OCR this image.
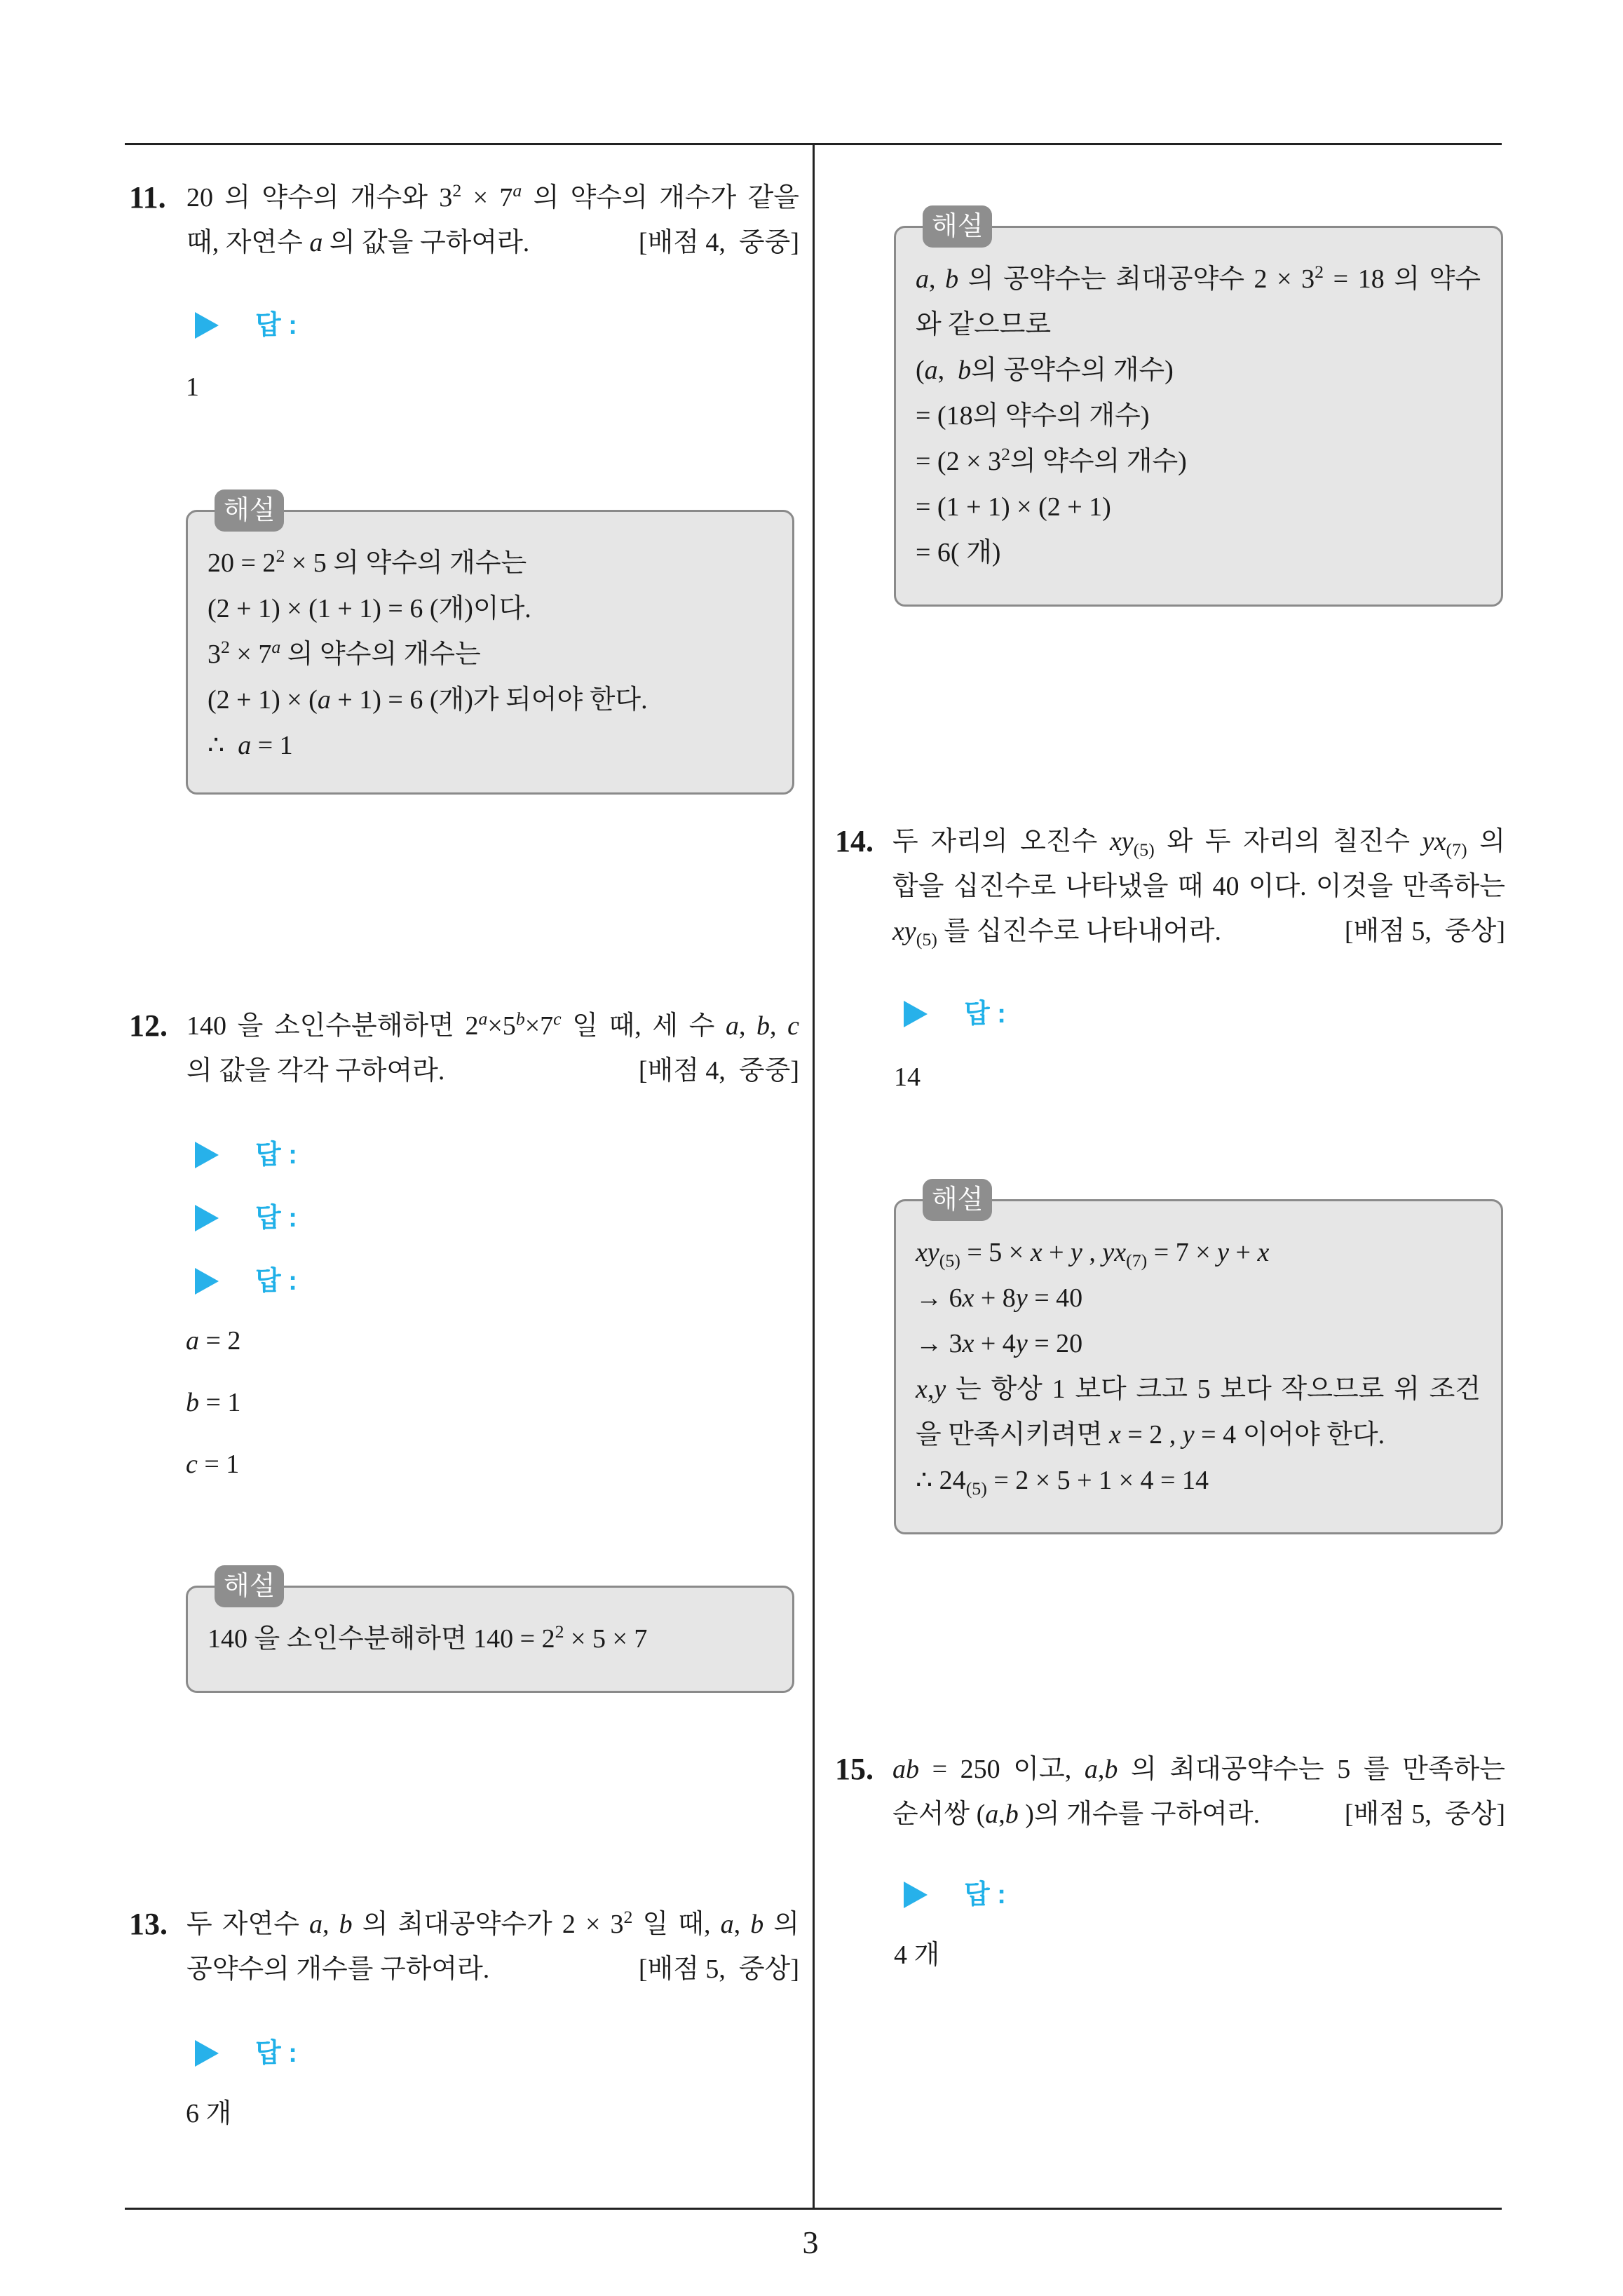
11. 20 의 약수의 개수와 $3^2 \times 7^a$ 의 약수의 개수가 같을
때, 자연수 a 의 값을 구하여라.	[배점 4,  중중]
답 :
1
해설
$20 = 2^2 \times 5$ 의 약수의 개수는
(2 + 1) × (1 + 1) = 6 (개)이다.
$3^2 \times 7^a$ 의 약수의 개수는
(2 + 1) × (a + 1) = 6 (개)가 되어야 한다.
∴  a = 1
12. 140 을 소인수분해하면 $2^a\times 5^b\times 7^c$ 일 때, 세 수 a, b, c
의 값을 각각 구하여라.	[배점 4,  중중]
답 :
답 :
답 :
a = 2
b = 1
c = 1
해설
140 을 소인수분해하면 $140 = 2^2 \times 5 \times 7$
13. 두 자연수 a, b 의 최대공약수가 $2 \times 3^2$ 일 때, a, b 의
공약수의 개수를 구하여라.	[배점 5,  중상]
답 :
6 개
해설
a, b 의 공약수는 최대공약수 $2 \times 3^2 = 18$ 의 약수
와 같으므로
(a,  b의 공약수의 개수)
= (18의 약수의 개수)
= ($2 \times 3^2$의 약수의 개수)
= (1 + 1) × (2 + 1)
= 6( 개)
14. 두 자리의 오진수 $xy_{(5)}$ 와 두 자리의 칠진수 $yx_{(7)}$ 의
합을 십진수로 나타냈을 때 40 이다. 이것을 만족하는
$xy_{(5)}$ 를 십진수로 나타내어라.	[배점 5,  중상]
답 :
14
해설
$xy_{(5)} = 5 \times x + y$ , $yx_{(7)} = 7 \times y + x$
→ 6x + 8y = 40
→ 3x + 4y = 20
x,y 는 항상 1 보다 크고 5 보다 작으므로 위 조건
을 만족시키려면 x = 2 , y = 4 이어야 한다.
∴ $24_{(5)} = 2 \times 5 + 1 \times 4 = 14$
15. ab = 250 이고, a,b 의 최대공약수는 5 를 만족하는
순서쌍 (a,b )의 개수를 구하여라.	[배점 5,  중상]
답 :
4 개
3
